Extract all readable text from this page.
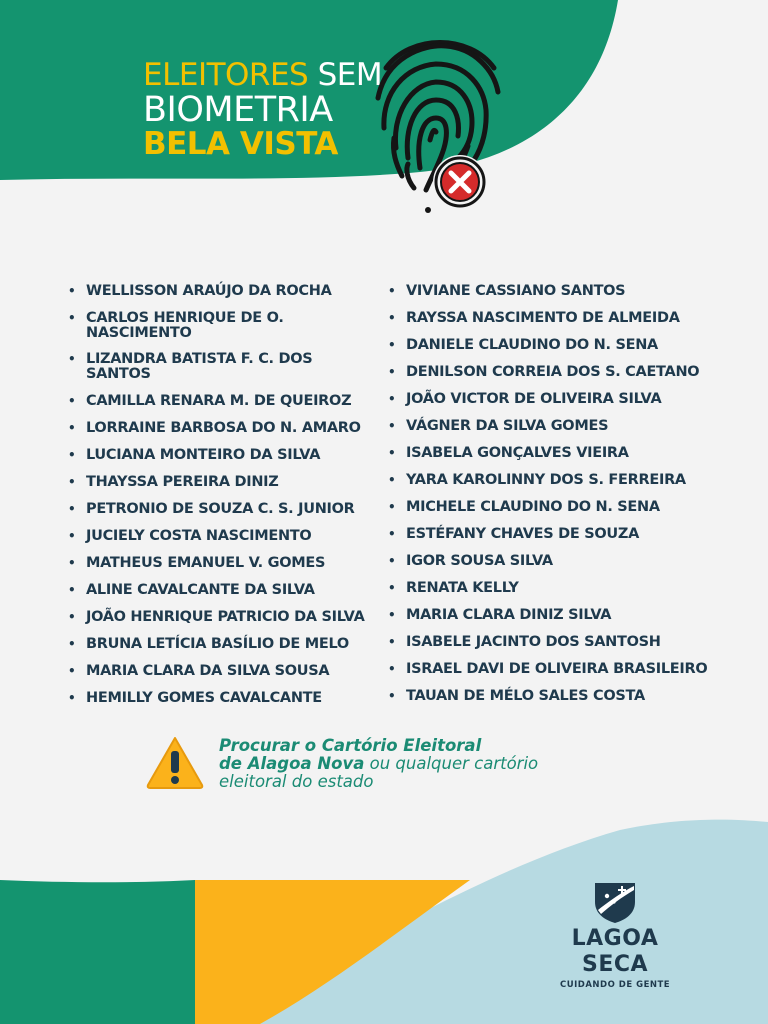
ELEITORES SEM
BIOMETRIA
BELA VISTA
• WELLISSON ARAÚJO DA ROCHA
• CARLOS HENRIQUE DE O. NASCIMENTO
• LIZANDRA BATISTA F. C. DOS SANTOS
• CAMILLA RENARA M. DE QUEIROZ
• LORRAINE BARBOSA DO N. AMARO
• LUCIANA MONTEIRO DA SILVA
• THAYSSA PEREIRA DINIZ
• PETRONIO DE SOUZA C. S. JUNIOR
• JUCIELY COSTA NASCIMENTO
• MATHEUS EMANUEL V. GOMES
• ALINE CAVALCANTE DA SILVA
• JOÃO HENRIQUE PATRICIO DA SILVA
• BRUNA LETÍCIA BASÍLIO DE MELO
• MARIA CLARA DA SILVA SOUSA
• HEMILLY GOMES CAVALCANTE
• VIVIANE CASSIANO SANTOS
• RAYSSA NASCIMENTO DE ALMEIDA
• DANIELE CLAUDINO DO N. SENA
• DENILSON CORREIA DOS S. CAETANO
• JOÃO VICTOR DE OLIVEIRA SILVA
• VÁGNER DA SILVA GOMES
• ISABELA GONÇALVES VIEIRA
• YARA KAROLINNY DOS S. FERREIRA
• MICHELE CLAUDINO DO N. SENA
• ESTÉFANY CHAVES DE SOUZA
• IGOR SOUSA SILVA
• RENATA KELLY
• MARIA CLARA DINIZ SILVA
• ISABELE JACINTO DOS SANTOSH
• ISRAEL DAVI DE OLIVEIRA BRASILEIRO
• TAUAN DE MÉLO SALES COSTA
Procurar o Cartório Eleitoral
de Alagoa Nova ou qualquer cartório
eleitoral do estado
LAGOA
SECA
CUIDANDO DE GENTE
